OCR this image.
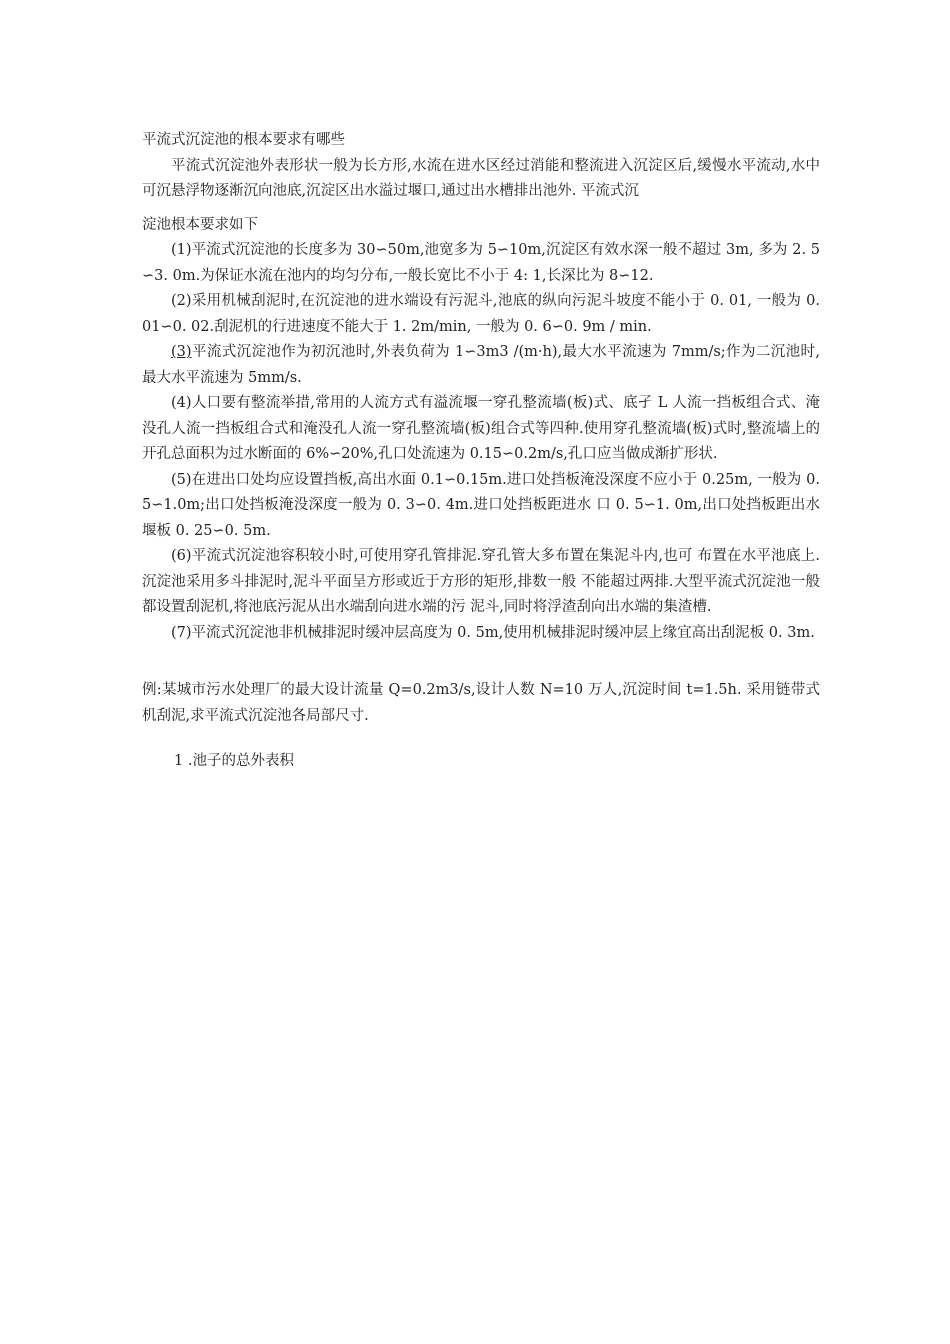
平流式沉淀池的根本要求有哪些

平流式沉淀池外表形状一般为长方形,水流在进水区经过消能和整流进入沉淀区后,缓慢水平流动,水中可沉悬浮物逐渐沉向池底,沉淀区出水溢过堰口,通过出水槽排出池外. 平流式沉

淀池根本要求如下

(1)平流式沉淀池的长度多为 30∽50m,池宽多为 5∽10m,沉淀区有效水深一般不超过 3m, 多为 2. 5∽3. 0m.为保证水流在池内的均匀分布,一般长宽比不小于 4: 1,长深比为 8∽12.

(2)采用机械刮泥时,在沉淀池的进水端设有污泥斗,池底的纵向污泥斗坡度不能小于 0. 01, 一般为 0. 01∽0. 02.刮泥机的行进速度不能大于 1. 2m/min, 一般为 0. 6∽0. 9m / min.

(3)平流式沉淀池作为初沉池时,外表负荷为 1∽3m3 /(m·h),最大水平流速为 7mm/s;作为二沉池时,最大水平流速为 5mm/s.

(4)人口要有整流举措,常用的人流方式有溢流堰一穿孔整流墙(板)式、底孑 L 人流一挡板组合式、淹没孔人流一挡板组合式和淹没孔人流一穿孔整流墙(板)组合式等四种.使用穿孔整流墙(板)式时,整流墙上的开孔总面积为过水断面的 6%∽20%,孔口处流速为 0.15∽0.2m/s,孔口应当做成渐扩形状.

(5)在进出口处均应设置挡板,高出水面 0.1∽0.15m.进口处挡板淹没深度不应小于 0.25m, 一般为 0. 5∽1.0m;出口处挡板淹没深度一般为 0. 3∽0. 4m.进口处挡板距进水 口 0. 5∽1. 0m,出口处挡板距出水堰板 0. 25∽0. 5m.

(6)平流式沉淀池容积较小时,可使用穿孔管排泥.穿孔管大多布置在集泥斗内,也可 布置在水平池底上.沉淀池采用多斗排泥时,泥斗平面呈方形或近于方形的矩形,排数一般 不能超过两排.大型平流式沉淀池一般都设置刮泥机,将池底污泥从出水端刮向进水端的污 泥斗,同时将浮渣刮向出水端的集渣槽.

(7)平流式沉淀池非机械排泥时缓冲层高度为 0. 5m,使用机械排泥时缓冲层上缘宜高出刮泥板 0. 3m.

例:某城市污水处理厂的最大设计流量 Q=0.2m3/s,设计人数 N=10 万人,沉淀时间 t=1.5h. 采用链带式机刮泥,求平流式沉淀池各局部尺寸.

1 .池子的总外表积
